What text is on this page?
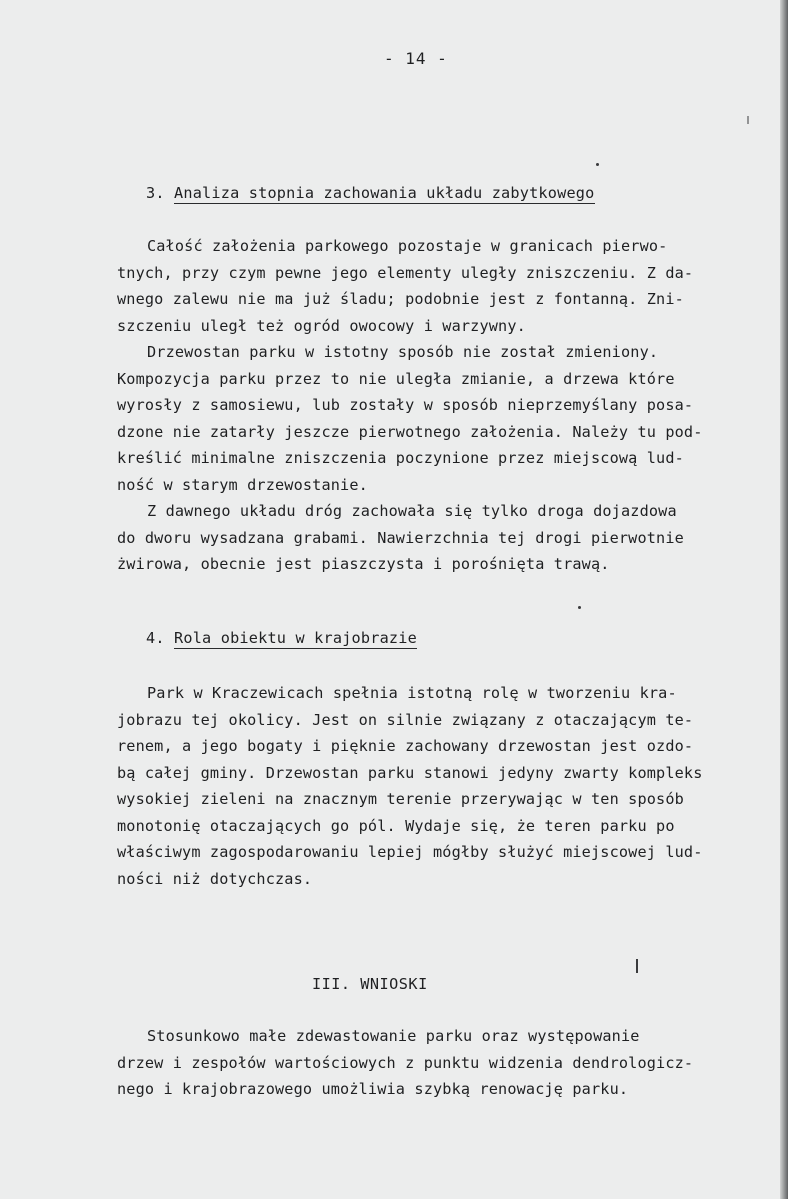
- 14 -
3. Analiza stopnia zachowania układu zabytkowego
Całość założenia parkowego pozostaje w granicach pierwo-
tnych, przy czym pewne jego elementy uległy zniszczeniu. Z da-
wnego zalewu nie ma już śladu; podobnie jest z fontanną. Zni-
szczeniu uległ też ogród owocowy i warzywny.
Drzewostan parku w istotny sposób nie został zmieniony.
Kompozycja parku przez to nie uległa zmianie, a drzewa które
wyrosły z samosiewu, lub zostały w sposób nieprzemyślany posa-
dzone nie zatarły jeszcze pierwotnego założenia. Należy tu pod-
kreślić minimalne zniszczenia poczynione przez miejscową lud-
ność w starym drzewostanie.
Z dawnego układu dróg zachowała się tylko droga dojazdowa
do dworu wysadzana grabami. Nawierzchnia tej drogi pierwotnie
żwirowa, obecnie jest piaszczysta i porośnięta trawą.
4. Rola obiektu w krajobrazie
Park w Kraczewicach spełnia istotną rolę w tworzeniu kra-
jobrazu tej okolicy. Jest on silnie związany z otaczającym te-
renem, a jego bogaty i pięknie zachowany drzewostan jest ozdo-
bą całej gminy. Drzewostan parku stanowi jedyny zwarty kompleks
wysokiej zieleni na znacznym terenie przerywając w ten sposób
monotonię otaczających go pól. Wydaje się, że teren parku po
właściwym zagospodarowaniu lepiej mógłby służyć miejscowej lud-
ności niż dotychczas.
III. WNIOSKI
Stosunkowo małe zdewastowanie parku oraz występowanie
drzew i zespołów wartościowych z punktu widzenia dendrologicz-
nego i krajobrazowego umożliwia szybką renowację parku.
